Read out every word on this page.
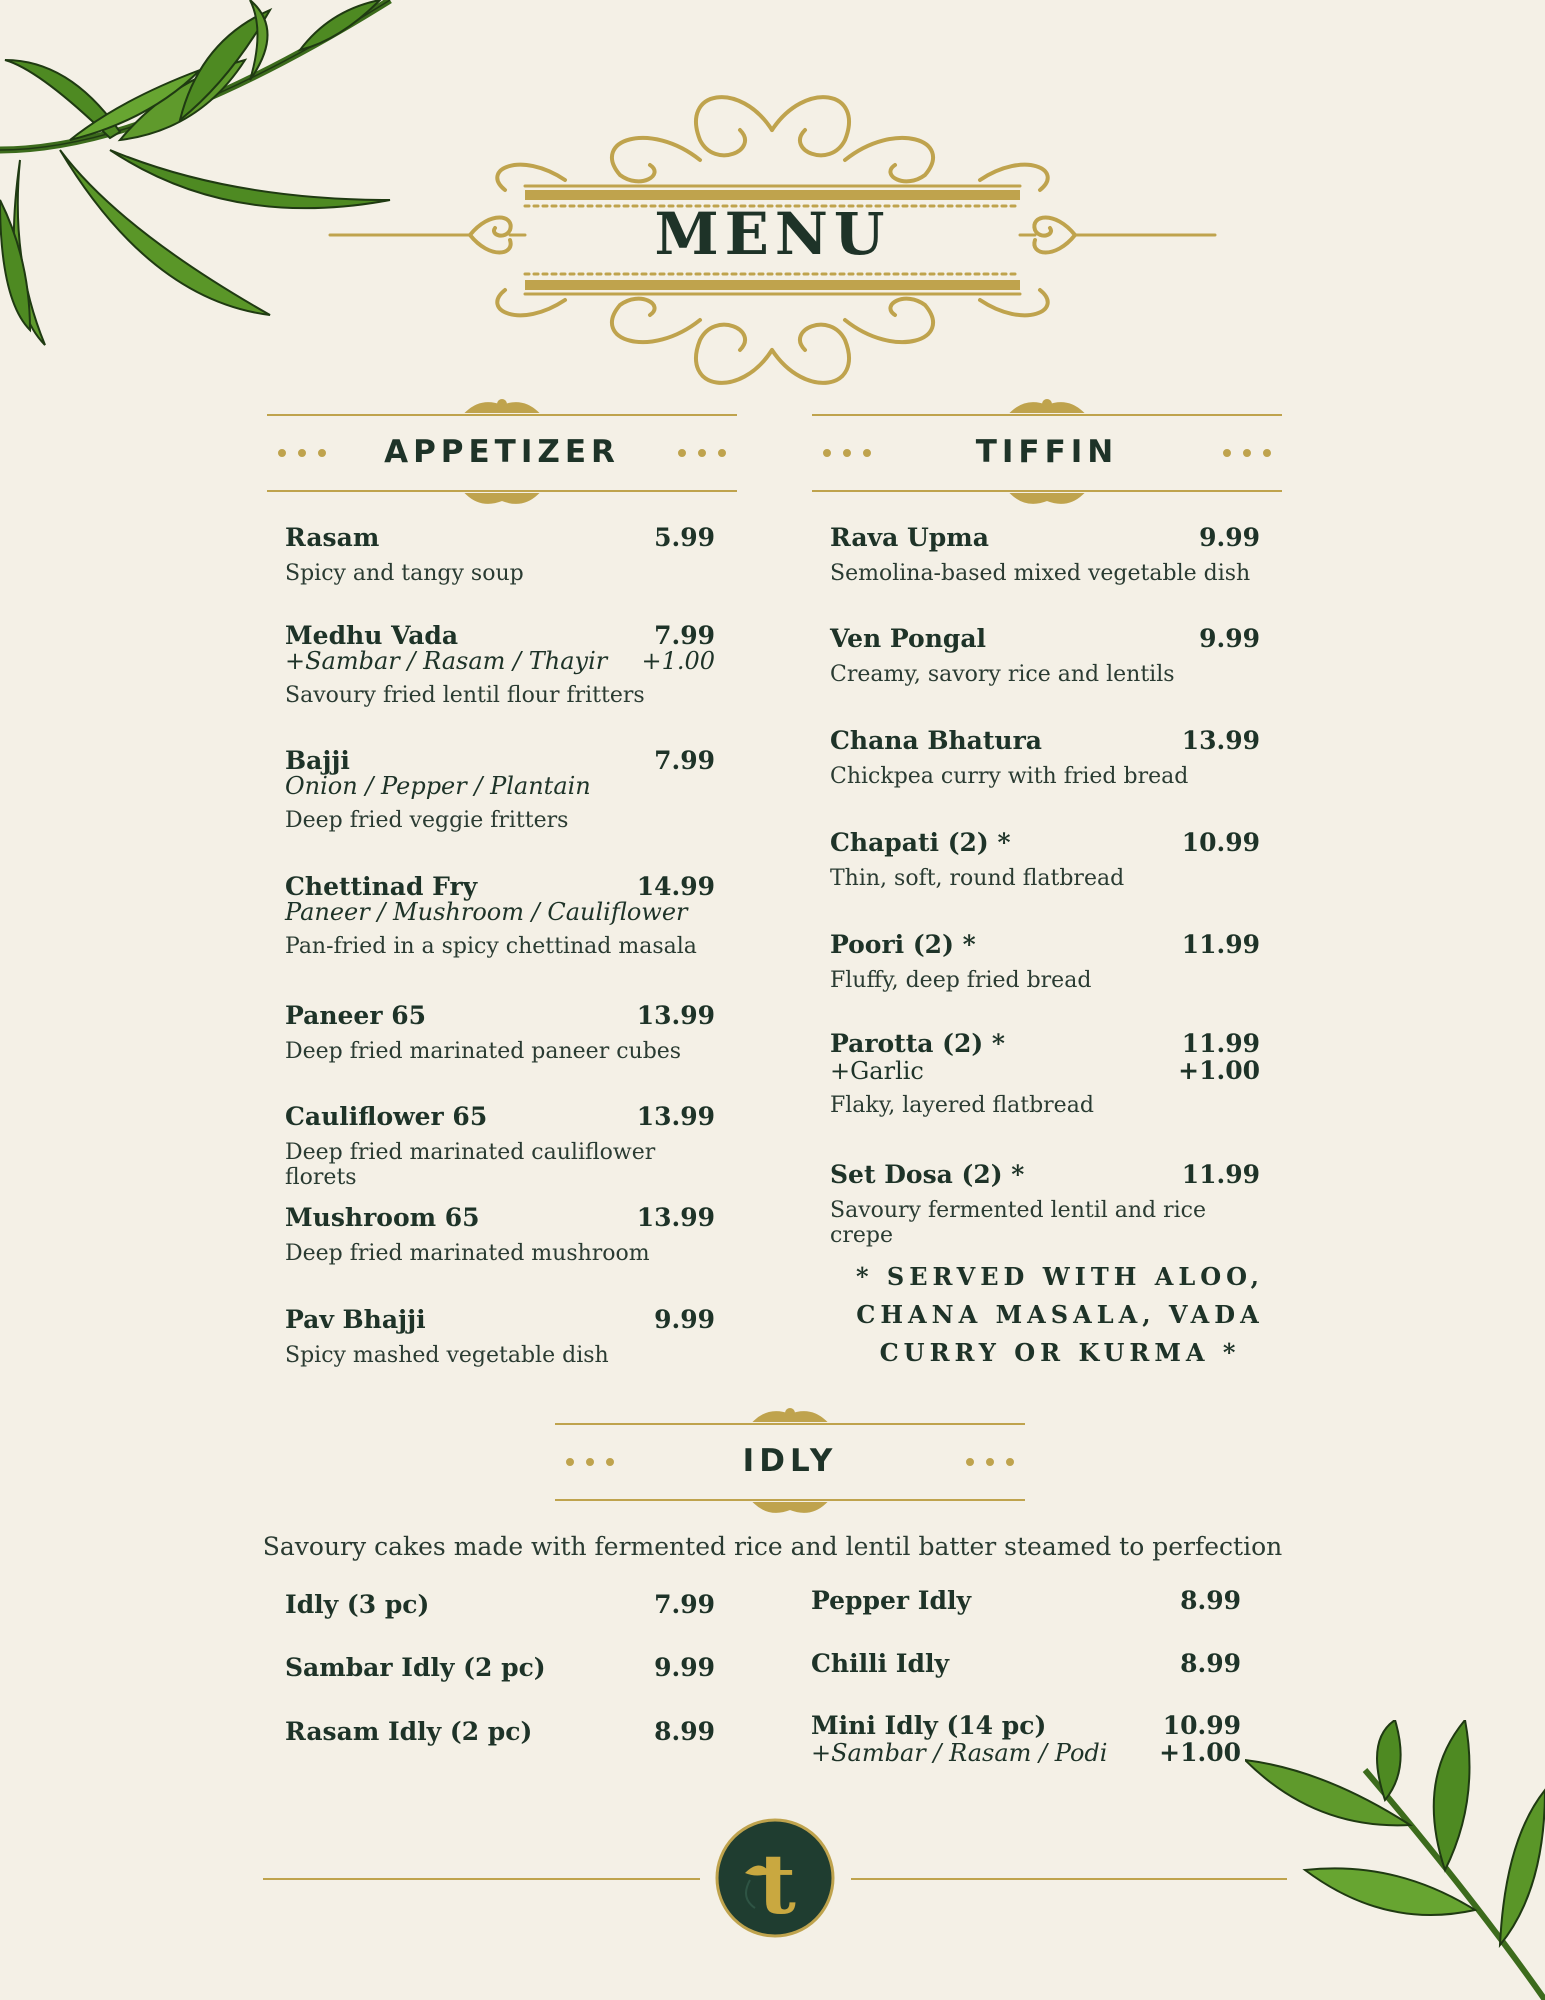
MENU
APPETIZER	TIFFIN
Rasam	5.99
Spicy and tangy soup
Medhu Vada	7.99
+Sambar / Rasam / Thayir +1.00
Savoury fried lentil flour fritters
Bajji	7.99
Onion / Pepper / Plantain
Deep fried veggie fritters
Chettinad Fry	14.99
Paneer / Mushroom / Cauliflower
Pan-fried in a spicy chettinad masala
Paneer 65	13.99
Deep fried marinated paneer cubes
Cauliflower 65	13.99
Deep fried marinated cauliflower florets
Mushroom 65	13.99
Deep fried marinated mushroom
Pav Bhajji	9.99
Spicy mashed vegetable dish
Rava Upma	9.99
Semolina-based mixed vegetable dish
Ven Pongal	9.99
Creamy, savory rice and lentils
Chana Bhatura	13.99
Chickpea curry with fried bread
Chapati (2) *	10.99
Thin, soft, round flatbread
Poori (2) *	11.99
Fluffy, deep fried bread
Parotta (2) *	11.99
+Garlic	+1.00
Flaky, layered flatbread
Set Dosa (2) *	11.99
Savoury fermented lentil and rice crepe
* SERVED WITH ALOO,
CHANA MASALA, VADA
CURRY OR KURMA *
IDLY
Savoury cakes made with fermented rice and lentil batter steamed to perfection
Idly (3 pc)	7.99
Sambar Idly (2 pc)	9.99
Rasam Idly (2 pc)	8.99
Pepper Idly	8.99
Chilli Idly	8.99
Mini Idly (14 pc)	10.99
+Sambar / Rasam / Podi +1.00
t
